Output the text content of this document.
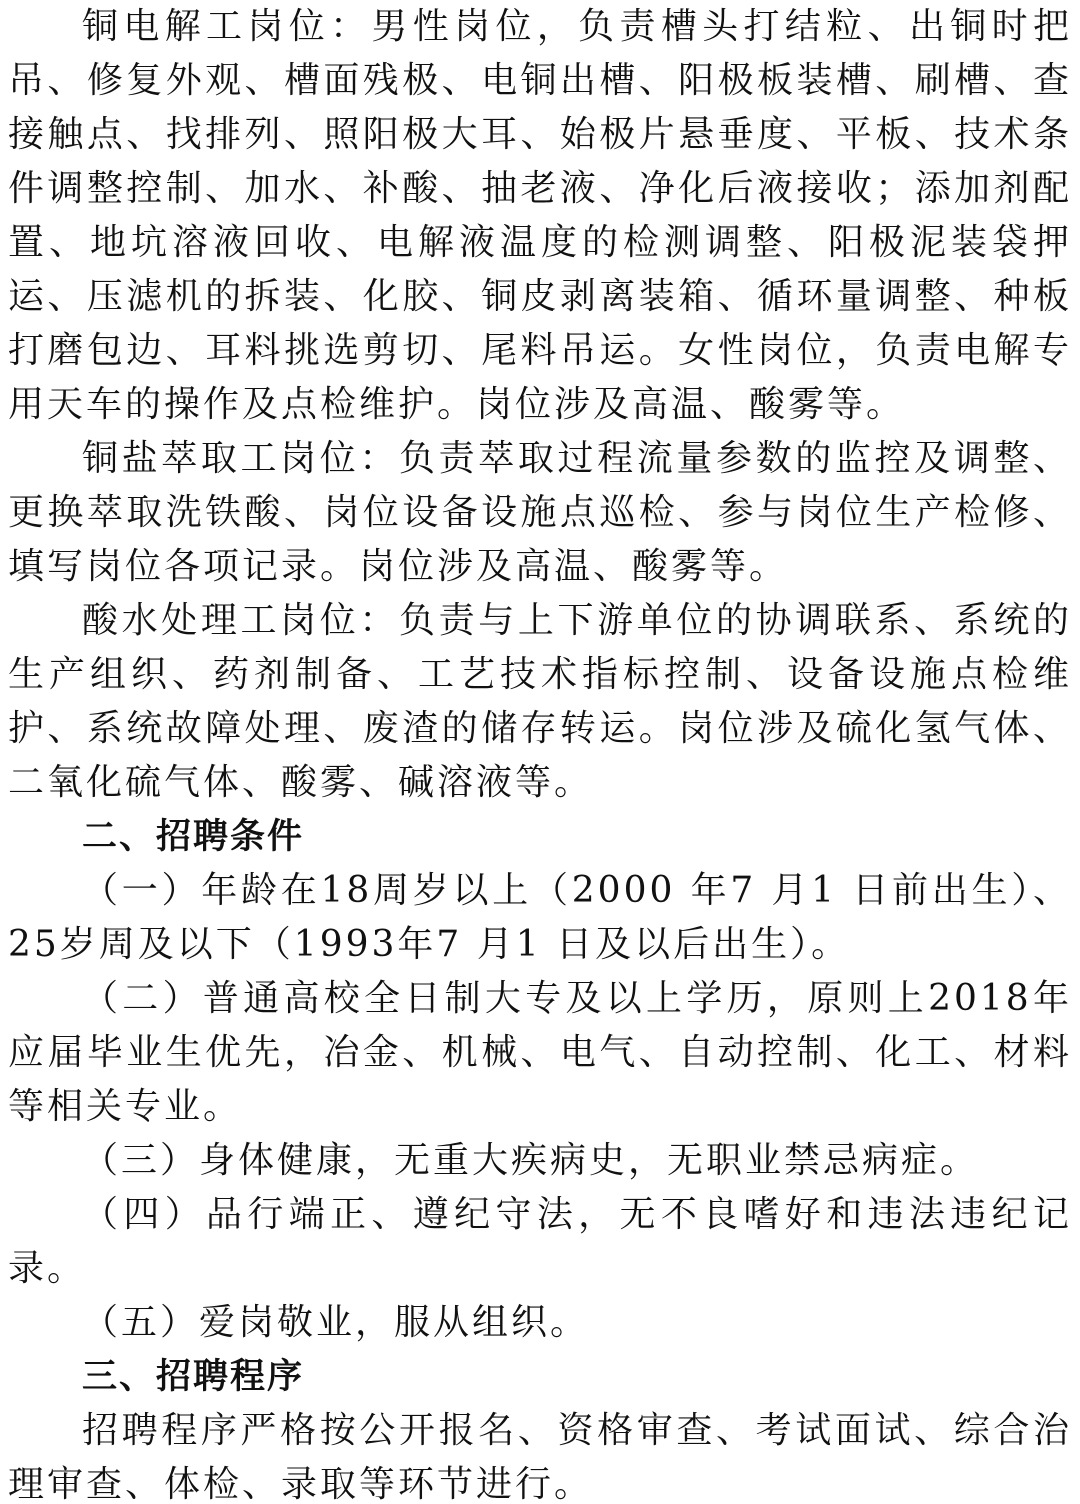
铜电解工岗位：男性岗位，负责槽头打结粒、出铜时把吊、修复外观、槽面残极、电铜出槽、阳极板装槽、刷槽、查接触点、找排列、照阳极大耳、始极片悬垂度、平板、技术条件调整控制、加水、补酸、抽老液、净化后液接收；添加剂配置、地坑溶液回收、电解液温度的检测调整、阳极泥装袋押运、压滤机的拆装、化胶、铜皮剥离装箱、循环量调整、种板打磨包边、耳料挑选剪切、尾料吊运。女性岗位，负责电解专用天车的操作及点检维护。岗位涉及高温、酸雾等。

铜盐萃取工岗位：负责萃取过程流量参数的监控及调整、更换萃取洗铁酸、岗位设备设施点巡检、参与岗位生产检修、填写岗位各项记录。岗位涉及高温、酸雾等。

酸水处理工岗位：负责与上下游单位的协调联系、系统的生产组织、药剂制备、工艺技术指标控制、设备设施点检维护、系统故障处理、废渣的储存转运。岗位涉及硫化氢气体、二氧化硫气体、酸雾、碱溶液等。

二、招聘条件

（一）年龄在18周岁以上（2000 年7 月1 日前出生）、25岁周及以下（1993年7 月1 日及以后出生）。

（二）普通高校全日制大专及以上学历，原则上2018年应届毕业生优先，冶金、机械、电气、自动控制、化工、材料等相关专业。

（三）身体健康，无重大疾病史，无职业禁忌病症。

（四）品行端正、遵纪守法，无不良嗜好和违法违纪记录。

（五）爱岗敬业，服从组织。

三、招聘程序

招聘程序严格按公开报名、资格审查、考试面试、综合治理审查、体检、录取等环节进行。
